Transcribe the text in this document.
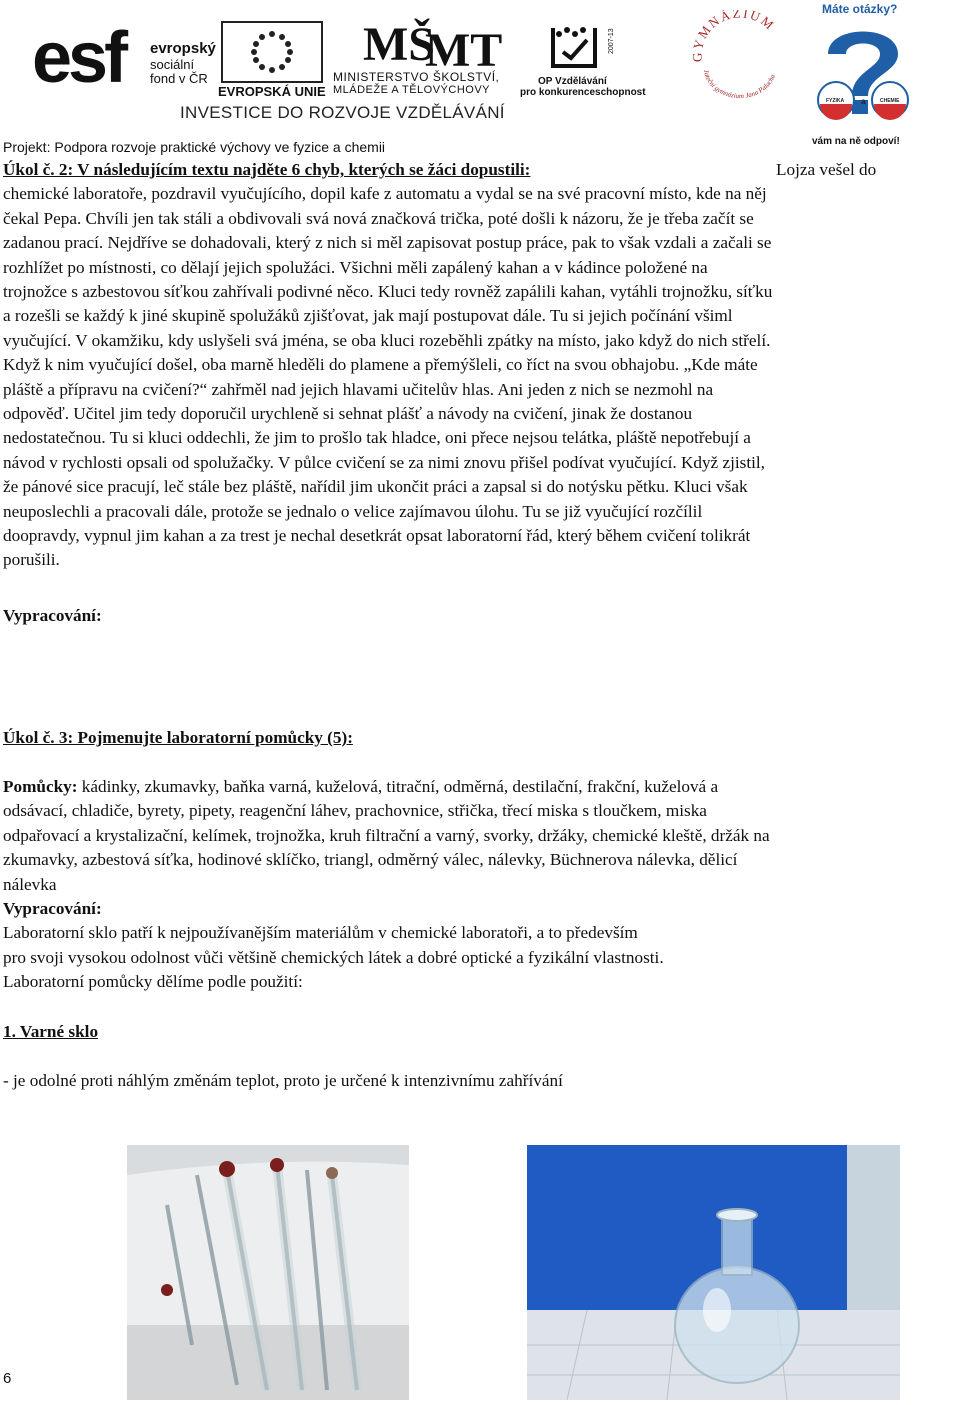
esf evropský
sociální
fond v ČR
EVROPSKÁ UNIE
MŠ
MT
MINISTERSTVO ŠKOLSTVÍ,
MLÁDEŽE A TĚLOVÝCHOVY
2007-13
OP Vzdělávání
pro konkurenceschopnost
GYMNÁZIUM
Jateční gymnázium Jana Palacha
Máte otázky?
FYZIKA a	CHEMIE
vám na ně odpoví!
INVESTICE DO ROZVOJE VZDĚLÁVÁNÍ
Projekt: Podpora rozvoje praktické výchovy ve fyzice a chemii
Úkol č. 2: V následujícím textu najděte 6 chyb, kterých se žáci dopustili:	Lojza vešel do
chemické laboratoře, pozdravil vyučujícího, dopil kafe z automatu a vydal se na své pracovní místo, kde na něj
čekal Pepa. Chvíli jen tak stáli a obdivovali svá nová značková trička, poté došli k názoru, že je třeba začít se
zadanou prací. Nejdříve se dohadovali, který z nich si měl zapisovat postup práce, pak to však vzdali a začali se
rozhlížet po místnosti, co dělají jejich spolužáci. Všichni měli zapálený kahan a v kádince položené na
trojnožce s azbestovou síťkou zahřívali podivné něco. Kluci tedy rovněž zapálili kahan, vytáhli trojnožku, síťku
a rozešli se každý k jiné skupině spolužáků zjišťovat, jak mají postupovat dále. Tu si jejich počínání všiml
vyučující. V okamžiku, kdy uslyšeli svá jména, se oba kluci rozeběhli zpátky na místo, jako když do nich střelí.
Když k nim vyučující došel, oba marně hleděli do plamene a přemýšleli, co říct na svou obhajobu. „Kde máte
pláště a přípravu na cvičení?“ zahřměl nad jejich hlavami učitelův hlas. Ani jeden z nich se nezmohl na
odpověď. Učitel jim tedy doporučil urychleně si sehnat plášť a návody na cvičení, jinak že dostanou
nedostatečnou. Tu si kluci oddechli, že jim to prošlo tak hladce, oni přece nejsou telátka, pláště nepotřebují a
návod v rychlosti opsali od spolužačky. V půlce cvičení se za nimi znovu přišel podívat vyučující. Když zjistil,
že pánové sice pracují, leč stále bez pláště, nařídil jim ukončit práci a zapsal si do notýsku pětku. Kluci však
neuposlechli a pracovali dále, protože se jednalo o velice zajímavou úlohu. Tu se již vyučující rozčílil
doopravdy, vypnul jim kahan a za trest je nechal desetkrát opsat laboratorní řád, který během cvičení tolikrát
porušili.
Vypracování:
Úkol č. 3: Pojmenujte laboratorní pomůcky (5):
Pomůcky: kádinky, zkumavky, baňka varná, kuželová, titrační, odměrná, destilační, frakční, kuželová a
odsávací, chladiče, byrety, pipety, reagenční láhev, prachovnice, střička, třecí miska s tloučkem, miska
odpařovací a krystalizační, kelímek, trojnožka, kruh filtrační a varný, svorky, držáky, chemické kleště, držák na
zkumavky, azbestová síťka, hodinové sklíčko, triangl, odměrný válec, nálevky, Büchnerova nálevka, dělicí
nálevka
Vypracování:
Laboratorní sklo patří k nejpoužívanějším materiálům v chemické laboratoři, a to především
pro svoji vysokou odolnost vůči většině chemických látek a dobré optické a fyzikální vlastnosti.
Laboratorní pomůcky dělíme podle použití:
1. Varné sklo
- je odolné proti náhlým změnám teplot, proto je určené k intenzivnímu zahřívání
6
